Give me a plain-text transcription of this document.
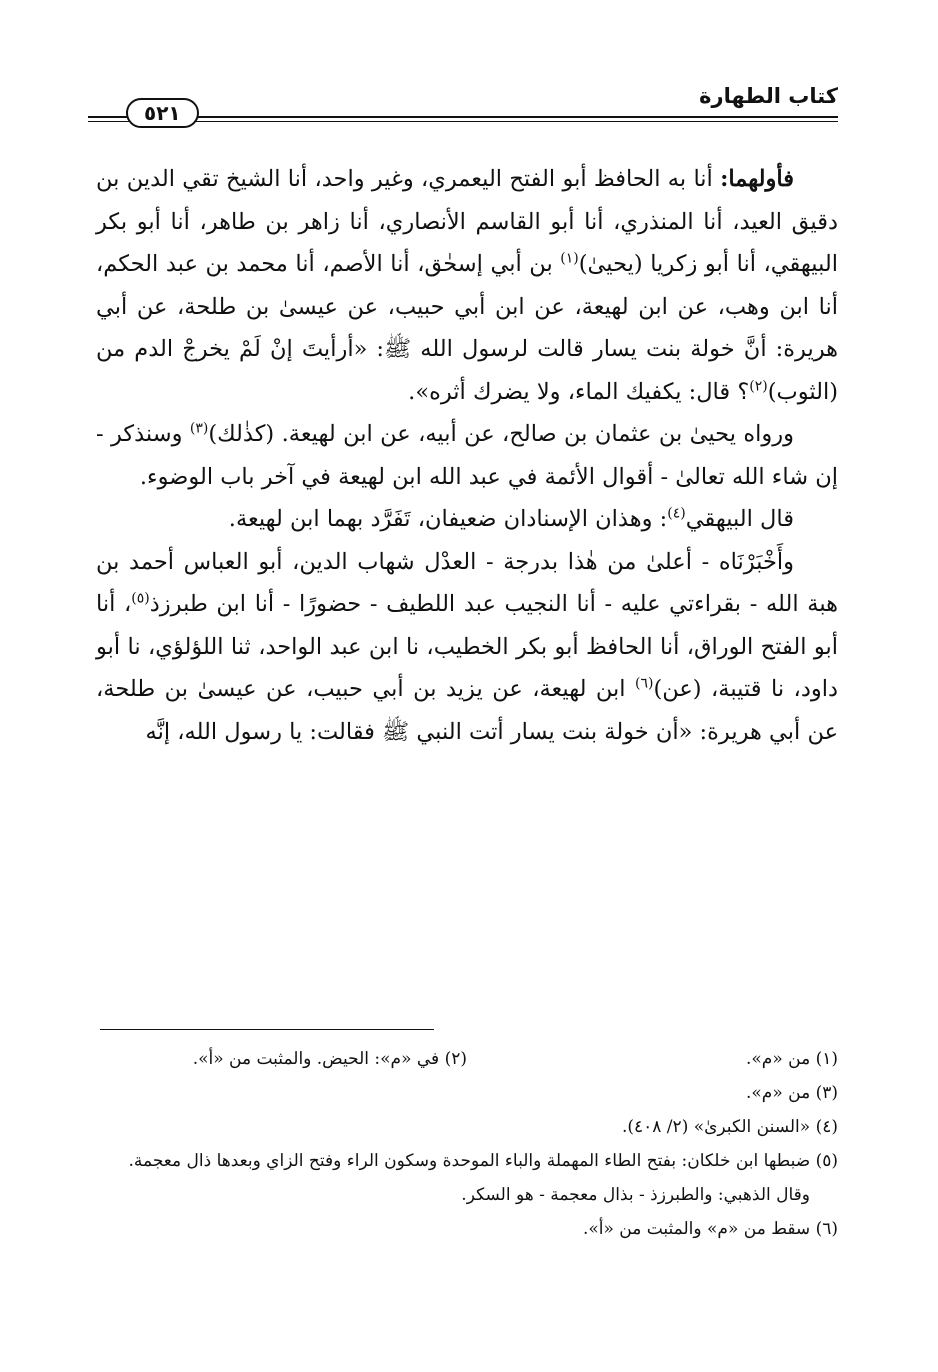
كتاب الطهارة
٥٢١

فأولهما: أنا به الحافظ أبو الفتح اليعمري، وغير واحد، أنا الشيخ تقي الدين بن دقيق العيد، أنا المنذري، أنا أبو القاسم الأنصاري، أنا زاهر بن طاهر، أنا أبو بكر البيهقي، أنا أبو زكريا (يحيىٰ)$^{(١)}$ بن أبي إسحٰق، أنا الأصم، أنا محمد بن عبد الحكم، أنا ابن وهب، عن ابن لهيعة، عن ابن أبي حبيب، عن عيسىٰ بن طلحة، عن أبي هريرة: أنَّ خولة بنت يسار قالت لرسول الله ﷺ: «أرأيتَ إنْ لَمْ يخرجْ الدم من (الثوب)$^{(٢)}$؟ قال: يكفيك الماء، ولا يضرك أثره».

ورواه يحيىٰ بن عثمان بن صالح، عن أبيه، عن ابن لهيعة. (كذٰلك)$^{(٣)}$ وسنذكر - إن شاء الله تعالىٰ - أقوال الأئمة في عبد الله ابن لهيعة في آخر باب الوضوء.

قال البيهقي$^{(٤)}$: وهذان الإسنادان ضعيفان، تَفَرَّد بهما ابن لهيعة.

وأَخْبَرْنَاه - أعلىٰ من هٰذا بدرجة - العدْل شهاب الدين، أبو العباس أحمد بن هبة الله - بقراءتي عليه - أنا النجيب عبد اللطيف - حضورًا - أنا ابن طبرزذ$^{(٥)}$، أنا أبو الفتح الوراق، أنا الحافظ أبو بكر الخطيب، نا ابن عبد الواحد، ثنا اللؤلؤي، نا أبو داود، نا قتيبة، (عن)$^{(٦)}$ ابن لهيعة، عن يزيد بن أبي حبيب، عن عيسىٰ بن طلحة، عن أبي هريرة: «أن خولة بنت يسار أتت النبي ﷺ فقالت: يا رسول الله، إنَّه

(١) من «م».
(٢) في «م»: الحيض. والمثبت من «أ».
(٣) من «م».
(٤) «السنن الكبرىٰ» (٢/ ٤٠٨).
(٥) ضبطها ابن خلكان: بفتح الطاء المهملة والباء الموحدة وسكون الراء وفتح الزاي وبعدها ذال معجمة. وقال الذهبي: والطبرزذ - بذال معجمة - هو السكر.
(٦) سقط من «م» والمثبت من «أ».
